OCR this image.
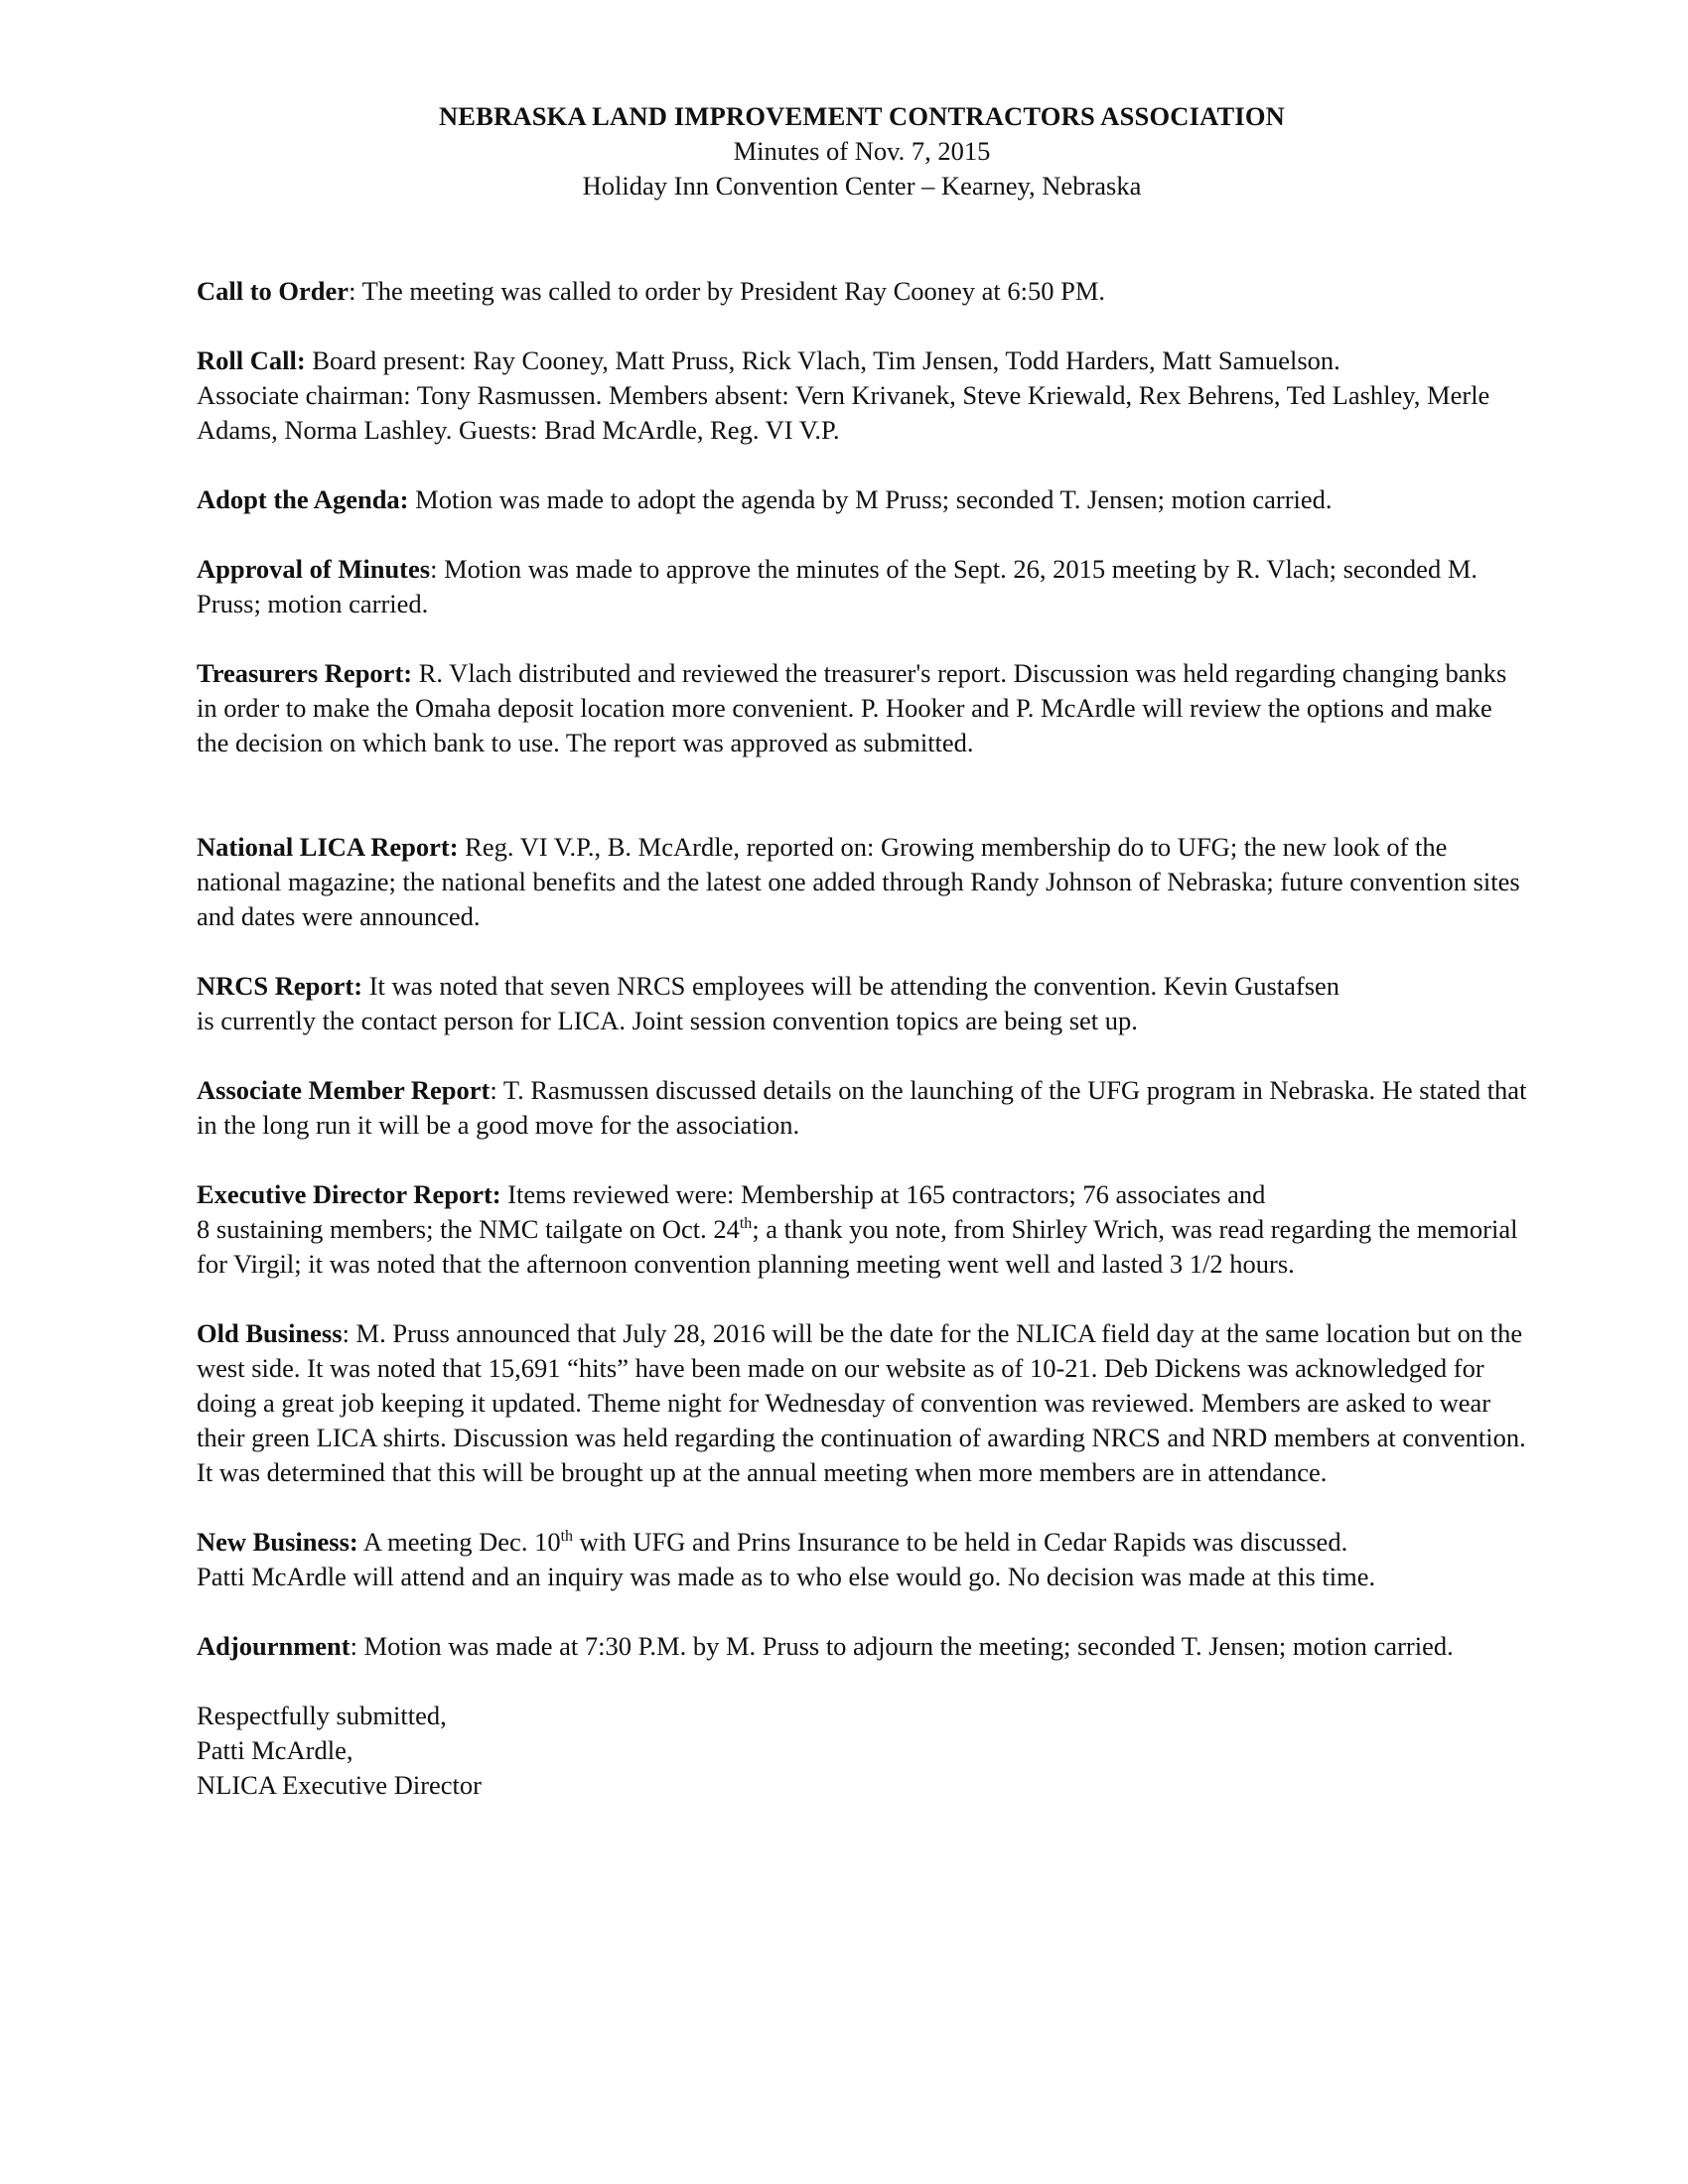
NEBRASKA LAND IMPROVEMENT CONTRACTORS ASSOCIATION
Minutes of Nov. 7, 2015
Holiday Inn Convention Center – Kearney, Nebraska

Call to Order: The meeting was called to order by President Ray Cooney at 6:50 PM.

Roll Call: Board present: Ray Cooney, Matt Pruss, Rick Vlach, Tim Jensen, Todd Harders, Matt Samuelson.
Associate chairman: Tony Rasmussen. Members absent: Vern Krivanek, Steve Kriewald, Rex Behrens, Ted Lashley, Merle Adams, Norma Lashley. Guests: Brad McArdle, Reg. VI V.P.

Adopt the Agenda: Motion was made to adopt the agenda by M Pruss; seconded T. Jensen; motion carried.

Approval of Minutes: Motion was made to approve the minutes of the Sept. 26, 2015 meeting by R. Vlach; seconded M. Pruss; motion carried.

Treasurers Report: R. Vlach distributed and reviewed the treasurer's report. Discussion was held regarding changing banks in order to make the Omaha deposit location more convenient. P. Hooker and P. McArdle will review the options and make the decision on which bank to use. The report was approved as submitted.

National LICA Report: Reg. VI V.P., B. McArdle, reported on: Growing membership do to UFG; the new look of the national magazine; the national benefits and the latest one added through Randy Johnson of Nebraska; future convention sites and dates were announced.

NRCS Report: It was noted that seven NRCS employees will be attending the convention. Kevin Gustafsen
is currently the contact person for LICA. Joint session convention topics are being set up.

Associate Member Report: T. Rasmussen discussed details on the launching of the UFG program in Nebraska. He stated that in the long run it will be a good move for the association.

Executive Director Report: Items reviewed were: Membership at 165 contractors; 76 associates and
8 sustaining members; the NMC tailgate on Oct. 24th; a thank you note, from Shirley Wrich, was read regarding the memorial for Virgil; it was noted that the afternoon convention planning meeting went well and lasted 3 1/2 hours.

Old Business: M. Pruss announced that July 28, 2016 will be the date for the NLICA field day at the same location but on the west side. It was noted that 15,691 “hits” have been made on our website as of 10-21. Deb Dickens was acknowledged for doing a great job keeping it updated. Theme night for Wednesday of convention was reviewed. Members are asked to wear their green LICA shirts. Discussion was held regarding the continuation of awarding NRCS and NRD members at convention. It was determined that this will be brought up at the annual meeting when more members are in attendance.

New Business: A meeting Dec. 10th with UFG and Prins Insurance to be held in Cedar Rapids was discussed.
Patti McArdle will attend and an inquiry was made as to who else would go. No decision was made at this time.

Adjournment: Motion was made at 7:30 P.M. by M. Pruss to adjourn the meeting; seconded T. Jensen; motion carried.

Respectfully submitted,
Patti McArdle,
NLICA Executive Director
